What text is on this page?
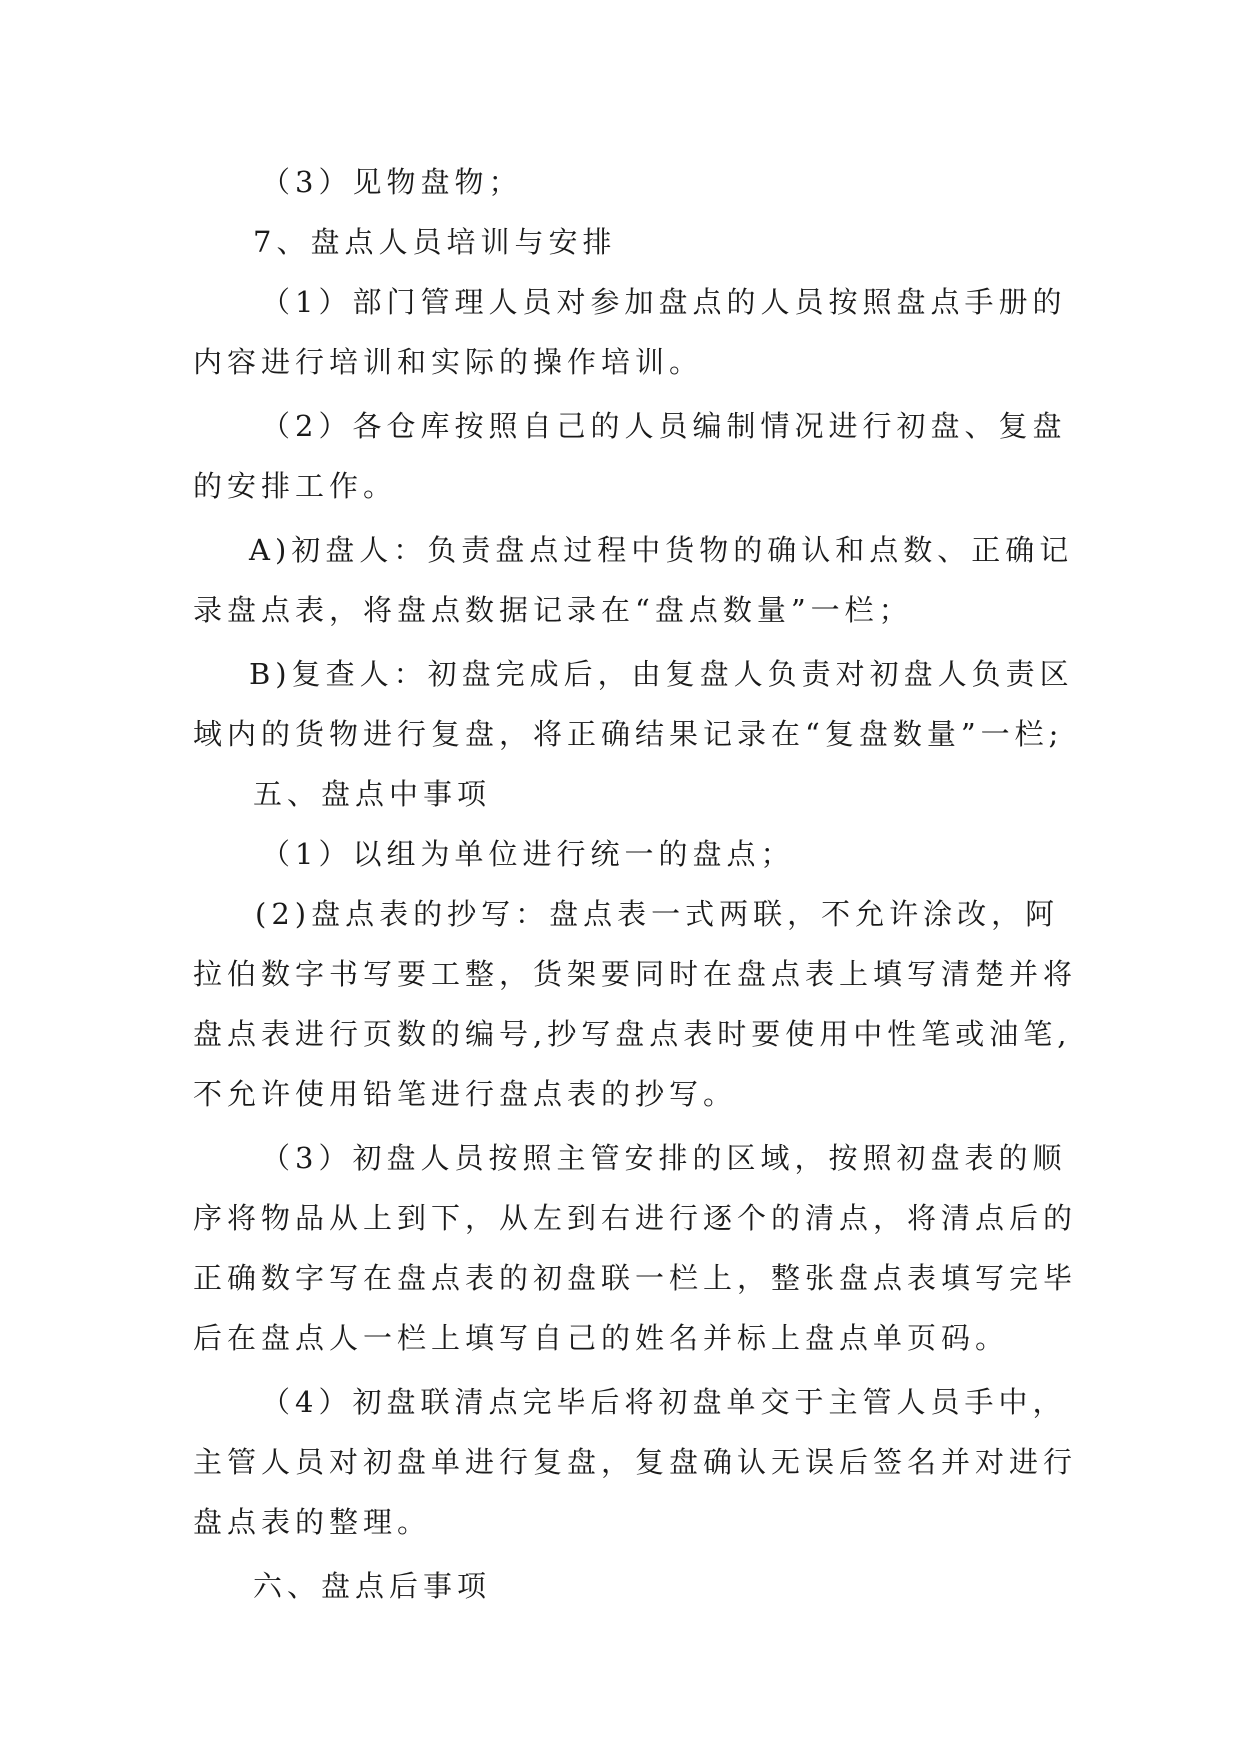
（3）见物盘物；
7、盘点人员培训与安排
（1）部门管理人员对参加盘点的人员按照盘点手册的
内容进行培训和实际的操作培训。
（2）各仓库按照自己的人员编制情况进行初盘、复盘
的安排工作。
A)初盘人：负责盘点过程中货物的确认和点数、正确记
录盘点表，将盘点数据记录在“盘点数量”一栏；
B)复查人：初盘完成后，由复盘人负责对初盘人负责区
域内的货物进行复盘，将正确结果记录在“复盘数量”一栏;
五、盘点中事项
（1）以组为单位进行统一的盘点；
(2)盘点表的抄写：盘点表一式两联，不允许涂改，阿
拉伯数字书写要工整，货架要同时在盘点表上填写清楚并将
盘点表进行页数的编号,抄写盘点表时要使用中性笔或油笔,
不允许使用铅笔进行盘点表的抄写。
（3）初盘人员按照主管安排的区域，按照初盘表的顺
序将物品从上到下，从左到右进行逐个的清点，将清点后的
正确数字写在盘点表的初盘联一栏上，整张盘点表填写完毕
后在盘点人一栏上填写自己的姓名并标上盘点单页码。
（4）初盘联清点完毕后将初盘单交于主管人员手中，
主管人员对初盘单进行复盘，复盘确认无误后签名并对进行
盘点表的整理。
六、盘点后事项
